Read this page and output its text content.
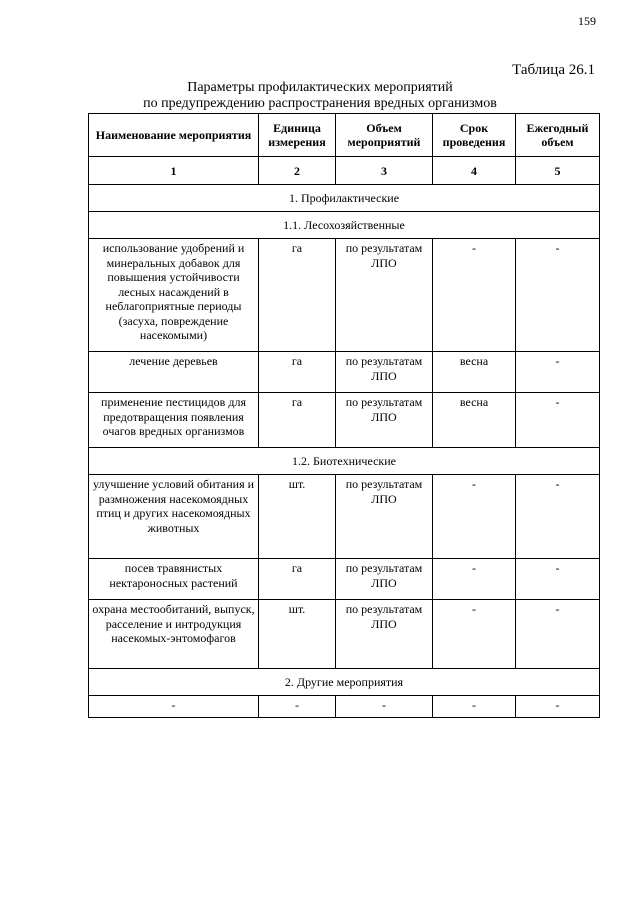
159
Таблица 26.1
Параметры профилактических мероприятий
по предупреждению распространения вредных организмов
Наименование мероприятия	Единица измерения	Объем мероприятий	Срок проведения	Ежегодный объем
1	2	3	4	5
1. Профилактические				
1.1. Лесохозяйственные				
использование удобрений и минеральных добавок для повышения устойчивости лесных насаждений в неблагоприятные периоды (засуха, повреждение насекомыми)	га	по результатам ЛПО	-	-
лечение деревьев	га	по результатам ЛПО	весна	-
применение пестицидов для предотвращения появления очагов вредных организмов	га	по результатам ЛПО	весна	-
1.2. Биотехнические				
улучшение условий обитания и размножения насекомоядных птиц и других насекомоядных животных	шт.	по результатам ЛПО	-	-
посев травянистых нектароносных растений	га	по результатам ЛПО	-	-
охрана местообитаний, выпуск, расселение и интродукция насекомых-энтомофагов	шт.	по результатам ЛПО	-	-
2. Другие мероприятия				
-	-	-	-	-
